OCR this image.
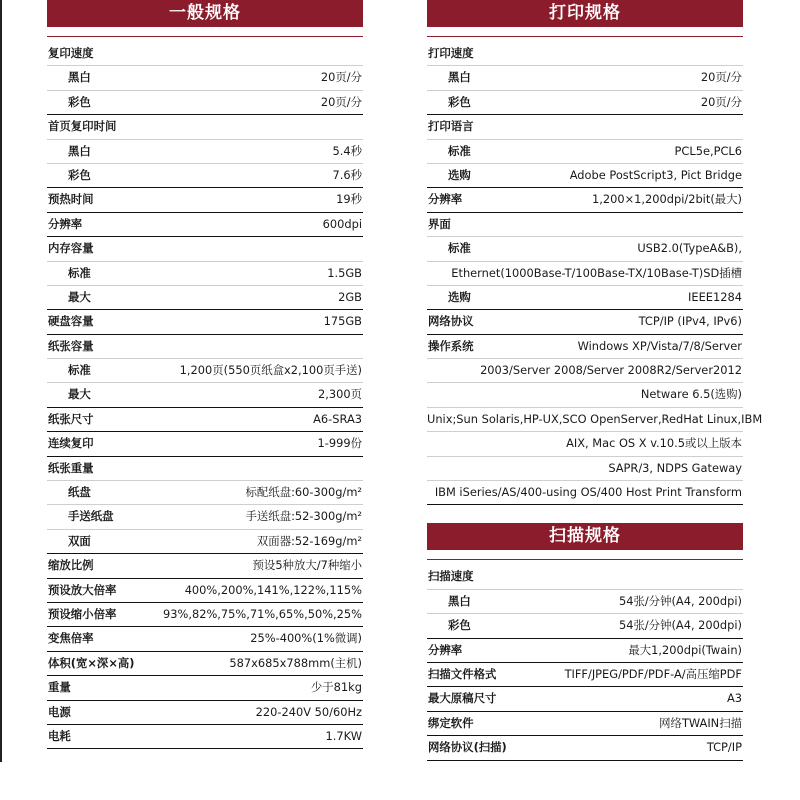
一般规格
复印速度
黑白	20页/分
彩色	20页/分
首页复印时间
黑白	5.4秒
彩色	7.6秒
预热时间	19秒
分辨率	600dpi
内存容量
标准	1.5GB
最大	2GB
硬盘容量	175GB
纸张容量
标准	1,200页(550页纸盒x2,100页手送)
最大	2,300页
纸张尺寸	A6-SRA3
连续复印	1-999份
纸张重量
纸盘	标配纸盘:60-300g/m²
手送纸盘	手送纸盘:52-300g/m²
双面	双面器:52-169g/m²
缩放比例	预设5种放大/7种缩小
预设放大倍率	400%,200%,141%,122%,115%
预设缩小倍率	93%,82%,75%,71%,65%,50%,25%
变焦倍率	25%-400%(1%微调)
体积(宽×深×高)	587x685x788mm(主机)
重量	少于81kg
电源	220-240V 50/60Hz
电耗	1.7KW
打印规格
打印速度
黑白	20页/分
彩色	20页/分
打印语言
标准	PCL5e,PCL6
选购	Adobe PostScript3, Pict Bridge
分辨率	1,200×1,200dpi/2bit(最大)
界面
标准	USB2.0(TypeA&B),
Ethernet(1000Base-T/100Base-TX/10Base-T)SD插槽
选购	IEEE1284
网络协议	TCP/IP (IPv4, IPv6)
操作系统	Windows XP/Vista/7/8/Server
2003/Server 2008/Server 2008R2/Server2012
Netware 6.5(选购)
Unix;Sun Solaris,HP-UX,SCO OpenServer,RedHat Linux,IBM
AIX, Mac OS X v.10.5或以上版本
SAPR/3, NDPS Gateway
IBM iSeries/AS/400-using OS/400 Host Print Transform
扫描规格
扫描速度
黑白	54张/分钟(A4, 200dpi)
彩色	54张/分钟(A4, 200dpi)
分辨率	最大1,200dpi(Twain)
扫描文件格式	TIFF/JPEG/PDF/PDF-A/高压缩PDF
最大原稿尺寸	A3
绑定软件	网络TWAIN扫描
网络协议(扫描)	TCP/IP
